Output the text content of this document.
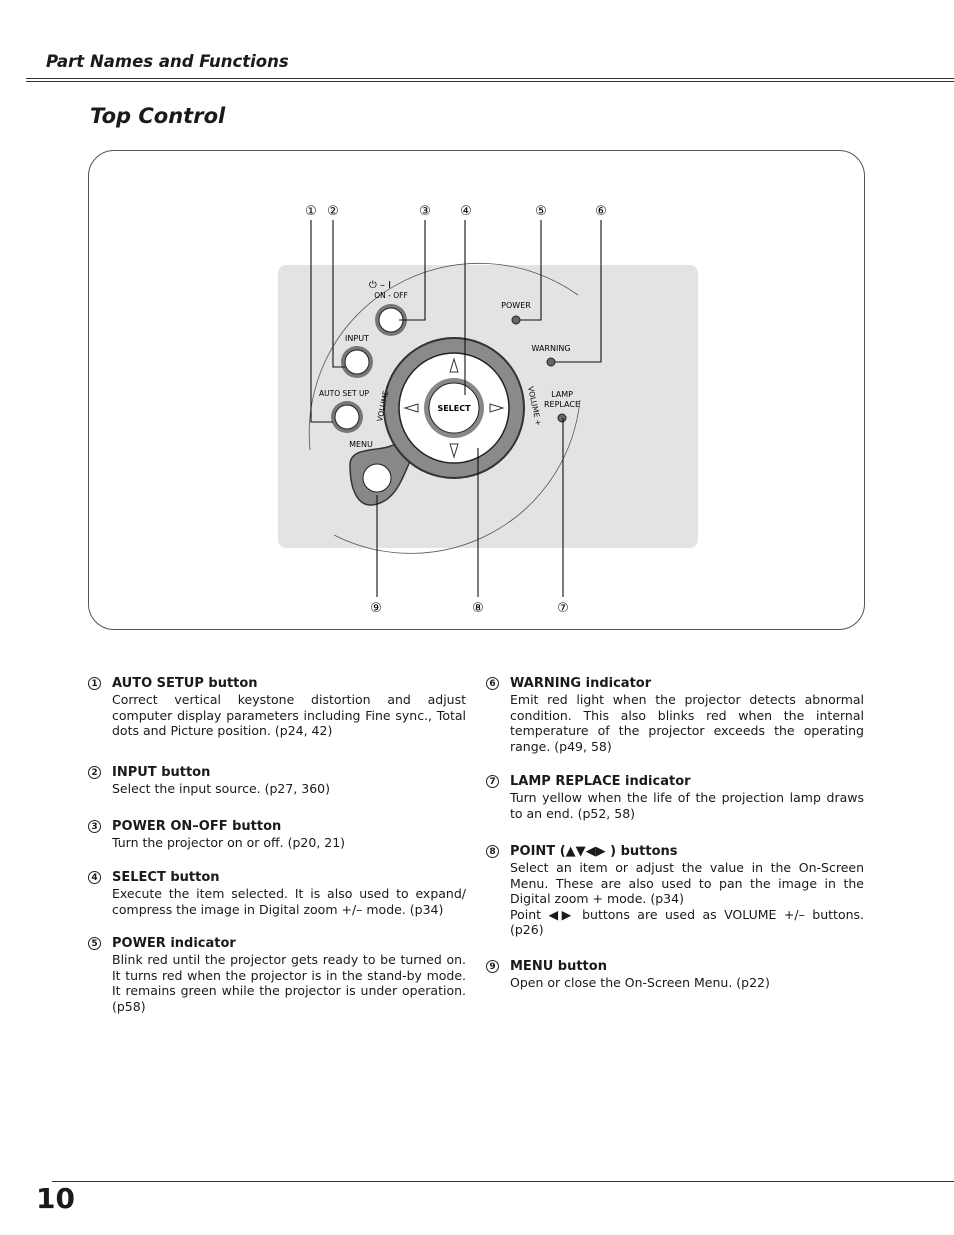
Part Names and Functions
Top Control
⏻ – I
ON - OFF
INPUT
AUTO SET UP
MENU
SELECT
VOLUME –	VOLUME +
POWER
WARNING
LAMP
REPLACE
① ②	③ ④	⑤	⑥
⑨	⑧	⑦
1 AUTO SETUP button

Correct vertical keystone distortion and adjust computer display parameters including Fine sync., Total dots and Picture position. (p24, 42)

2 INPUT button

Select the input source. (p27, 360)

3 POWER ON–OFF button

Turn the projector on or off. (p20, 21)

4 SELECT button

Execute the item selected. It is also used to expand/ compress the image in Digital zoom +/– mode. (p34)

5 POWER indicator

Blink red until the projector gets ready to be turned on. It turns red when the projector is in the stand-by mode. It remains green while the projector is under operation. (p58)

6 WARNING indicator

Emit red light when the projector detects abnormal condition. This also blinks red when the internal temperature of the projector exceeds the operating range. (p49, 58)

7 LAMP REPLACE indicator

Turn yellow when the life of the projection lamp draws to an end. (p52, 58)

8 POINT (▲▼◀▶ ) buttons

Select an item or adjust the value in the On-Screen Menu. These are also used to pan the image in the Digital zoom + mode. (p34)

Point ◀▶ buttons are used as VOLUME +/– buttons. (p26)

9 MENU button

Open or close the On-Screen Menu. (p22)

10
